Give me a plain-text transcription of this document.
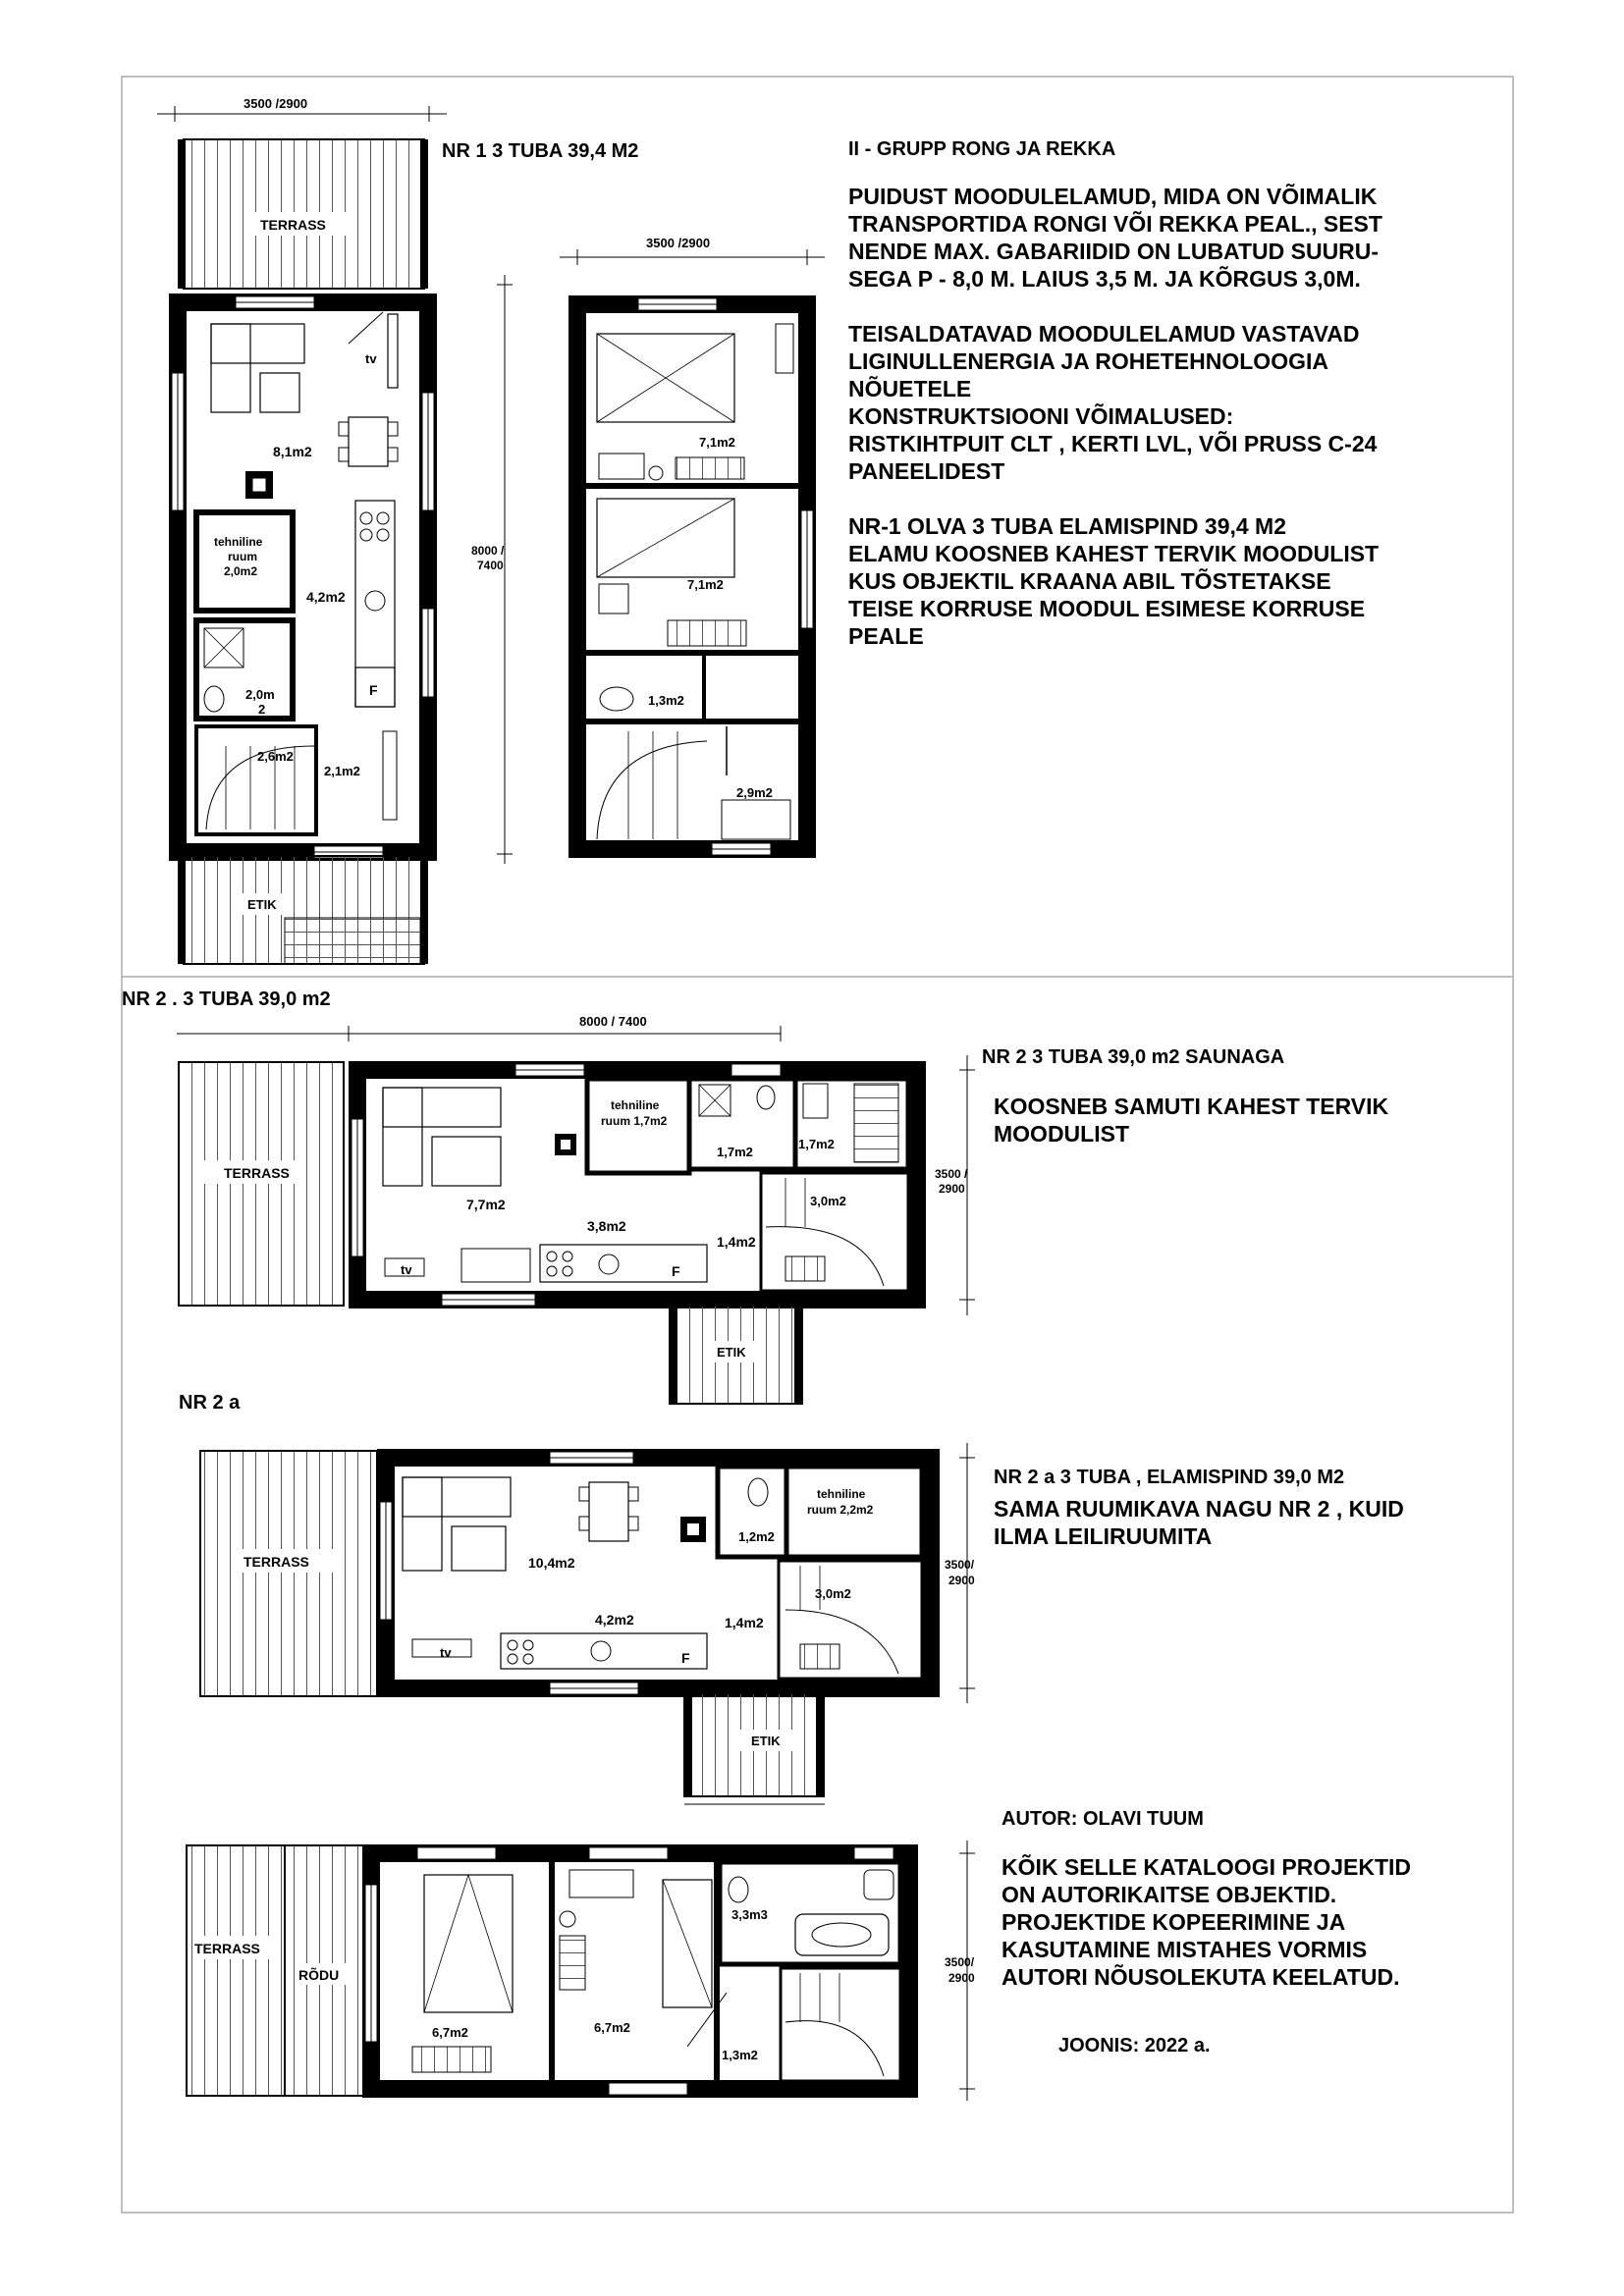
3500 /2900
TERRASS
tv
8,1m2
tehniline
ruum
2,0m2
F
4,2m2
2,0m
2
2,6m2
2,1m2
ETIK
8000 /
7400
NR 1 3 TUBA 39,4 M2
3500 /2900
7,1m2
7,1m2
1,3m2
2,9m2
II - GRUPP RONG JA REKKA
NR 2 . 3 TUBA 39,0 m2
8000 / 7400
TERRASS
7,7m2
tv	F
3,8m2
1,4m2
tehniline
ruum 1,7m2
1,7m2
1,7m2
3,0m2
ETIK
3500 /
2900
NR 2 3 TUBA 39,0 m2 SAUNAGA
NR 2 a
TERRASS	10,4m2
tv	F
4,2m2	1,4m2
1,2m2
tehniline
ruum 2,2m2
3,0m2
ETIK
3500/
2900
NR 2 a 3 TUBA , ELAMISPIND 39,0 M2
TERRASS
RÕDU
6,7m2	6,7m2
3,3m3
1,3m2
3500/
2900
AUTOR: OLAVI TUUM
JOONIS: 2022 a.
PUIDUST MOODULELAMUD, MIDA ON VÕIMALIK
TRANSPORTIDA RONGI VÕI REKKA PEAL., SEST
NENDE MAX. GABARIIDID ON LUBATUD SUURU-
SEGA P - 8,0 M. LAIUS 3,5 M. JA KÕRGUS 3,0M.

TEISALDATAVAD MOODULELAMUD VASTAVAD
LIGINULLENERGIA JA ROHETEHNOLOOGIA
NÕUETELE
KONSTRUKTSIOONI VÕIMALUSED:
RISTKIHTPUIT CLT , KERTI LVL, VÕI PRUSS C-24
PANEELIDEST

NR-1 OLVA 3 TUBA ELAMISPIND 39,4 M2
ELAMU KOOSNEB KAHEST TERVIK MOODULIST
KUS OBJEKTIL KRAANA ABIL TÕSTETAKSE
TEISE KORRUSE MOODUL ESIMESE KORRUSE
PEALE
KOOSNEB SAMUTI KAHEST TERVIK
MOODULIST
SAMA RUUMIKAVA NAGU NR 2 , KUID
ILMA LEILIRUUMITA
KÕIK SELLE KATALOOGI PROJEKTID
ON AUTORIKAITSE OBJEKTID.
PROJEKTIDE KOPEERIMINE JA
KASUTAMINE MISTAHES VORMIS
AUTORI NÕUSOLEKUTA KEELATUD.
